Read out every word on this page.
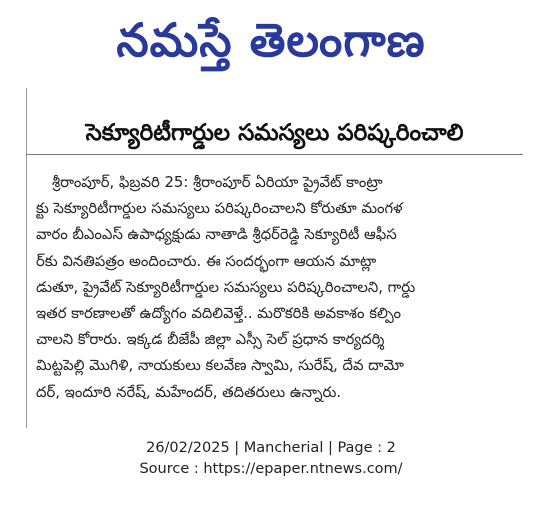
నమస్తే తెలంగాణ
సెక్యూరిటీగార్డుల సమస్యలు పరిష్కరించాలి
శ్రీరాంపూర్, ఫిబ్రవరి 25: శ్రీరాంపూర్ ఏరియా ప్రైవేట్ కాంట్రా
క్టు సెక్యూరిటీగార్డుల సమస్యలు పరిష్కరించాలని కోరుతూ మంగళ
వారం బీఎంఎస్ ఉపాధ్యక్షుడు నాతాడి శ్రీధర్‌రెడ్డి సెక్యూరిటీ ఆఫీస
ర్‌కు వినతిపత్రం అందించారు. ఈ సందర్భంగా ఆయన మాట్లా
డుతూ, ప్రైవేట్ సెక్యూరిటీగార్డుల సమస్యలు పరిష్కరించాలని, గార్డు
ఇతర కారణాలతో ఉద్యోగం వదిలివెళ్తే.. మరొకరికి అవకాశం కల్పిం
చాలని కోరారు. ఇక్కడ బీజేపీ జిల్లా ఎస్సీ సెల్ ప్రధాన కార్యదర్శి
మిట్టపెల్లి మొగిళి, నాయకులు కలవేణ స్వామి, సురేష్, దేవ దామో
దర్, ఇందూరి నరేష్, మహేందర్, తదితరులు ఉన్నారు.
26/02/2025 | Mancherial | Page : 2
Source : https://epaper.ntnews.com/
